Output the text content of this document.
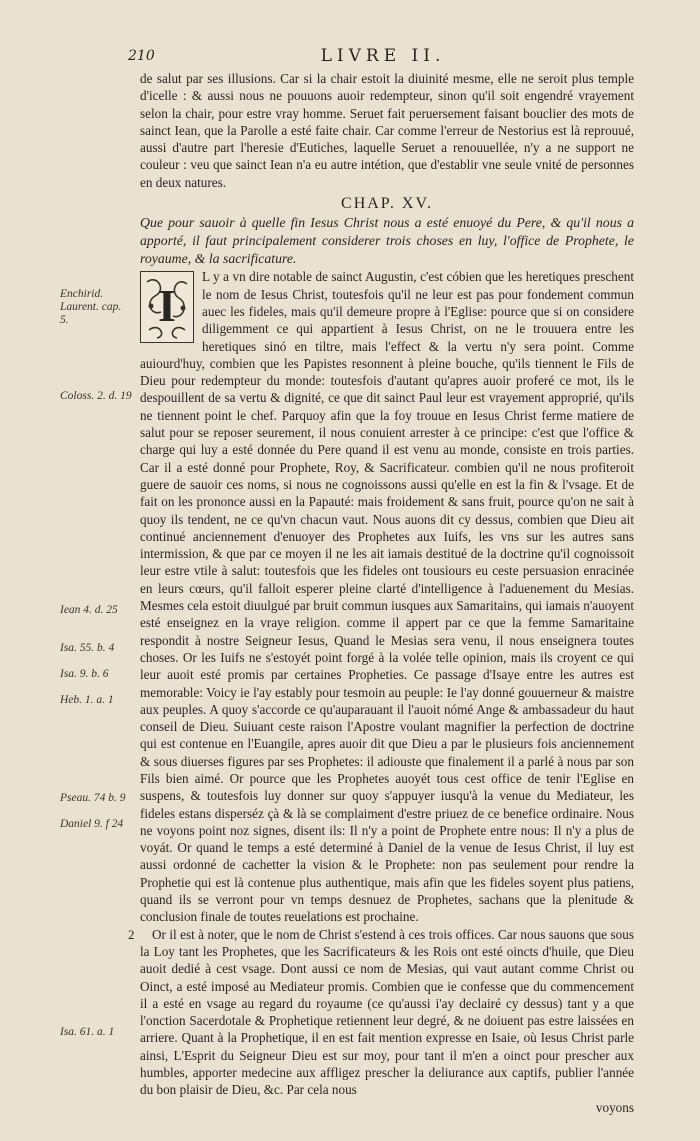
210	LIVRE II.

de salut par ses illusions. Car si la chair estoit la diuinité mesme, elle ne seroit plus temple d'icelle : & aussi nous ne pouuons auoir redempteur, sinon qu'il soit engendré vrayement selon la chair, pour estre vray homme. Seruet fait peruersement faisant bouclier des mots de sainct Iean, que la Parolle a esté faite chair. Car comme l'erreur de Nestorius est là reprouué, aussi d'autre part l'heresie d'Eutiches, laquelle Seruet a renouuellée, n'y a ne support ne couleur : veu que sainct Iean n'a eu autre intétion, que d'establir vne seule vnité de personnes en deux natures.

CHAP. XV.

Que pour sauoir à quelle fin Iesus Christ nous a esté enuoyé du Pere, & qu'il nous a apporté, il faut principalement considerer trois choses en luy, l'office de Prophete, le royaume, & la sacrificature.

I

L y a vn dire notable de sainct Augustin, c'est cóbien que les heretiques preschent le nom de Iesus Christ, toutesfois qu'il ne leur est pas pour fondement commun auec les fideles, mais qu'il demeure propre à l'Eglise: pource que si on considere diligemment ce qui appartient à Iesus Christ, on ne le trouuera entre les heretiques sinó en tiltre, mais l'effect & la vertu n'y sera point. Comme auiourd'huy, combien que les Papistes resonnent à pleine bouche, qu'ils tiennent le Fils de Dieu pour redempteur du monde: toutesfois d'autant qu'apres auoir proferé ce mot, ils le despouillent de sa vertu & dignité, ce que dit sainct Paul leur est vrayement approprié, qu'ils ne tiennent point le chef. Parquoy afin que la foy trouue en Iesus Christ ferme matiere de salut pour se reposer seurement, il nous conuient arrester à ce principe: c'est que l'office & charge qui luy a esté donnée du Pere quand il est venu au monde, consiste en trois parties. Car il a esté donné pour Prophete, Roy, & Sacrificateur. combien qu'il ne nous profiteroit guere de sauoir ces noms, si nous ne cognoissons aussi qu'elle en est la fin & l'vsage. Et de fait on les prononce aussi en la Papauté: mais froidement & sans fruit, pource qu'on ne sait à quoy ils tendent, ne ce qu'vn chacun vaut. Nous auons dit cy dessus, combien que Dieu ait continué anciennement d'enuoyer des Prophetes aux Iuifs, les vns sur les autres sans intermission, & que par ce moyen il ne les ait iamais destitué de la doctrine qu'il cognoissoit leur estre vtile à salut: toutesfois que les fideles ont tousiours eu ceste persuasion enracinée en leurs cœurs, qu'il falloit esperer pleine clarté d'intelligence à l'aduenement du Mesias. Mesmes cela estoit diuulgué par bruit commun iusques aux Samaritains, qui iamais n'auoyent esté enseignez en la vraye religion. comme il appert par ce que la femme Samaritaine respondit à nostre Seigneur Iesus, Quand le Mesias sera venu, il nous enseignera toutes choses. Or les Iuifs ne s'estoyét point forgé à la volée telle opinion, mais ils croyent ce qui leur auoit esté promis par certaines Propheties. Ce passage d'Isaye entre les autres est memorable: Voicy ie l'ay estably pour tesmoin au peuple: Ie l'ay donné gouuerneur & maistre aux peuples. A quoy s'accorde ce qu'auparauant il l'auoit nómé Ange & ambassadeur du haut conseil de Dieu. Suiuant ceste raison l'Apostre voulant magnifier la perfection de doctrine qui est contenue en l'Euangile, apres auoir dit que Dieu a par le plusieurs fois anciennement & sous diuerses figures par ses Prophetes: il adiouste que finalement il a parlé à nous par son Fils bien aimé. Or pource que les Prophetes auoyét tous cest office de tenir l'Eglise en suspens, & toutesfois luy donner sur quoy s'appuyer iusqu'à la venue du Mediateur, les fideles estans disperséz çà & là se complaiment d'estre priuez de ce benefice ordinaire. Nous ne voyons point noz signes, disent ils: Il n'y a point de Prophete entre nous: Il n'y a plus de voyát. Or quand le temps a esté determiné à Daniel de la venue de Iesus Christ, il luy est aussi ordonné de cachetter la vision & le Prophete: non pas seulement pour rendre la Prophetie qui est là contenue plus authentique, mais afin que les fideles soyent plus patiens, quand ils se verront pour vn temps desnuez de Prophetes, sachans que la plenitude & conclusion finale de toutes reuelations est prochaine.

2 Or il est à noter, que le nom de Christ s'estend à ces trois offices. Car nous sauons que sous la Loy tant les Prophetes, que les Sacrificateurs & les Rois ont esté oincts d'huile, que Dieu auoit dedié à cest vsage. Dont aussi ce nom de Mesias, qui vaut autant comme Christ ou Oinct, a esté imposé au Mediateur promis. Combien que ie confesse que du commencement il a esté en vsage au regard du royaume (ce qu'aussi i'ay declairé cy dessus) tant y a que l'onction Sacerdotale & Prophetique retiennent leur degré, & ne doiuent pas estre laissées en arriere. Quant à la Prophetique, il en est fait mention expresse en Isaie, où Iesus Christ parle ainsi, L'Esprit du Seigneur Dieu est sur moy, pour tant il m'en a oinct pour prescher aux humbles, apporter medecine aux affligez prescher la deliurance aux captifs, publier l'année du bon plaisir de Dieu, &c. Par cela nous

voyons

Enchirid. Laurent. cap. 5.
Coloss. 2. d. 19
Iean 4. d. 25
Isa. 55. b. 4
Isa. 9. b. 6
Heb. 1. a. 1
Pseau. 74 b. 9
Daniel 9. f 24
Isa. 61. a. 1
